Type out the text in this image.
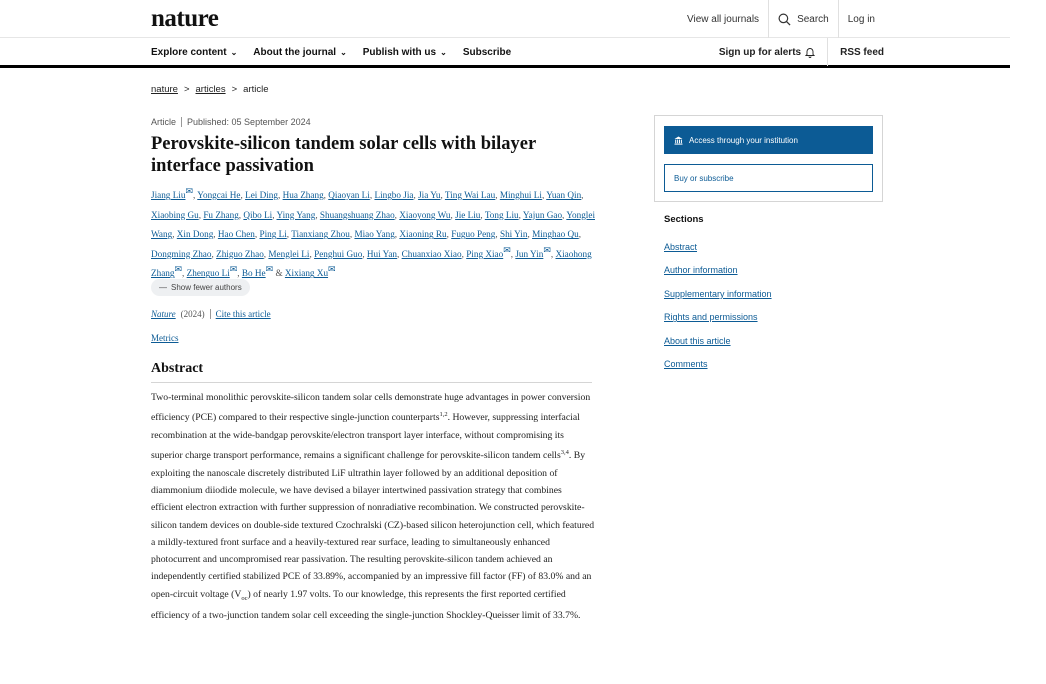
nature	View all journals	Search	Log in
Explore content ⌄ About the journal ⌄ Publish with us ⌄ Subscribe	Sign up for alerts	RSS feed
nature > articles > article
Article Published: 05 September 2024
Perovskite-silicon tandem solar cells with bilayer interface passivation
Jiang Liu✉, Yongcai He, Lei Ding, Hua Zhang, Qiaoyan Li, Lingbo Jia, Jia Yu, Ting Wai Lau, Minghui Li, Yuan Qin, Xiaobing Gu, Fu Zhang, Qibo Li, Ying Yang, Shuangshuang Zhao, Xiaoyong Wu, Jie Liu, Tong Liu, Yajun Gao, Yonglei Wang, Xin Dong, Hao Chen, Ping Li, Tianxiang Zhou, Miao Yang, Xiaoning Ru, Fuguo Peng, Shi Yin, Minghao Qu, Dongming Zhao, Zhiguo Zhao, Menglei Li, Penghui Guo, Hui Yan, Chuanxiao Xiao, Ping Xiao✉, Jun Yin✉, Xiaohong Zhang✉, Zhenguo Li✉, Bo He✉ & Xixiang Xu✉
— Show fewer authors
Nature (2024) Cite this article
Metrics
Abstract
Two-terminal monolithic perovskite-silicon tandem solar cells demonstrate huge advantages in power conversion efficiency (PCE) compared to their respective single-junction counterparts$^{1,2}$. However, suppressing interfacial recombination at the wide-bandgap perovskite/electron transport layer interface, without compromising its superior charge transport performance, remains a significant challenge for perovskite-silicon tandem cells$^{3,4}$. By exploiting the nanoscale discretely distributed LiF ultrathin layer followed by an additional deposition of diammonium diiodide molecule, we have devised a bilayer intertwined passivation strategy that combines efficient electron extraction with further suppression of nonradiative recombination. We constructed perovskite-silicon tandem devices on double-side textured Czochralski (CZ)-based silicon heterojunction cell, which featured a mildly-textured front surface and a heavily-textured rear surface, leading to simultaneously enhanced photocurrent and uncompromised rear passivation. The resulting perovskite-silicon tandem achieved an independently certified stabilized PCE of 33.89%, accompanied by an impressive fill factor (FF) of 83.0% and an open-circuit voltage $(V_{oc})$ of nearly 1.97 volts. To our knowledge, this represents the first reported certified efficiency of a two-junction tandem solar cell exceeding the single-junction Shockley-Queisser limit of 33.7%.
Access through your institution
Buy or subscribe
Sections
Abstract
Author information
Supplementary information
Rights and permissions
About this article
Comments
